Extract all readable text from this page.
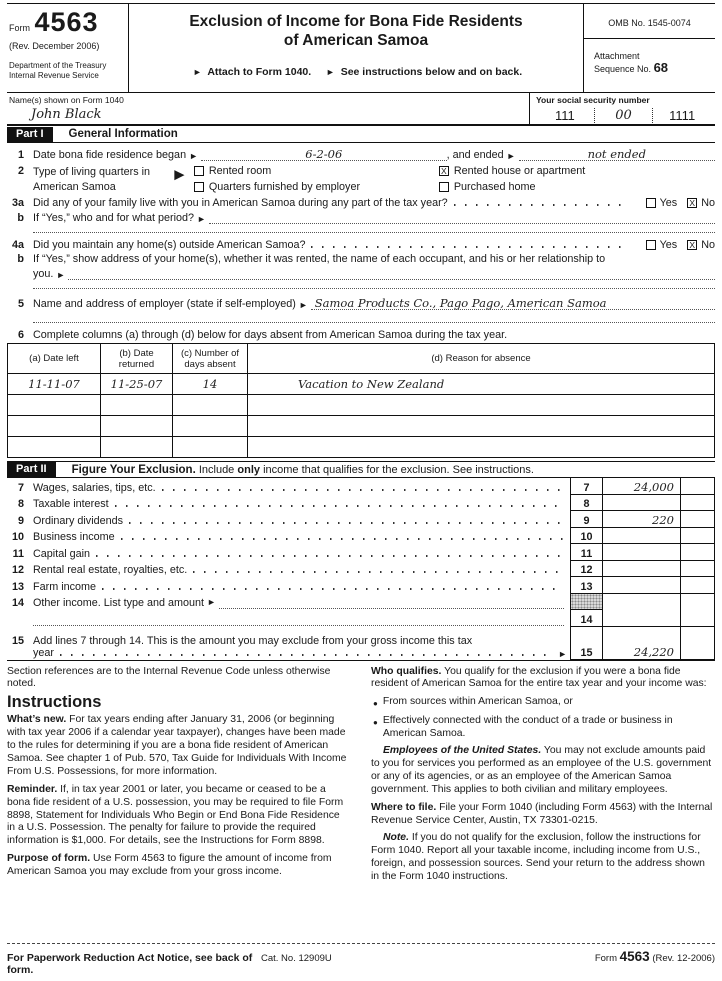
Form 4563
(Rev. December 2006)
Department of the Treasury
Internal Revenue Service
Exclusion of Income for Bona Fide Residents
of American Samoa
► Attach to Form 1040. ► See instructions below and on back.
OMB No. 1545-0074
Attachment
Sequence No. 68
Name(s) shown on Form 1040
John Black
Your social security number
111	00	1111
Part I	General Information
1 Date bona fide residence began ►	6-2-06	, and ended ►	not ended
2 Type of living quarters in
American Samoa
►	Rented room
Quarters furnished by employer
X Rented house or apartment
Purchased home
3a Did any of your family live with you in American Samoa during any part of the tax year?	Yes X No
b If “Yes,” who and for what period? ►
4a Did you maintain any home(s) outside American Samoa?	Yes X No
b If “Yes,” show address of your home(s), whether it was rented, the name of each occupant, and his or her relationship to
you. ►
5 Name and address of employer (state if self-employed) ► Samoa Products Co., Pago Pago, American Samoa
6 Complete columns (a) through (d) below for days absent from American Samoa during the tax year.
(a) Date left	(b) Date returned	(c) Number of days absent	(d) Reason for absence
11-11-07	11-25-07	14	Vacation to New Zealand

Part II	Figure Your Exclusion. Include only income that qualifies for the exclusion. See instructions.
7 Wages, salaries, tips, etc.	7	24,000
8 Taxable interest	8
9 Ordinary dividends	9	220
10 Business income	10
11 Capital gain	11
12 Rental real estate, royalties, etc.	12
13 Farm income	13
14 Other income. List type and amount ►
14
15 Add lines 7 through 14. This is the amount you may exclude from your gross income this tax
year	►	15	24,220

Section references are to the Internal Revenue Code unless otherwise noted.

Instructions

What’s new. For tax years ending after January 31, 2006 (or beginning with tax year 2006 if a calendar year taxpayer), changes have been made to the rules for determining if you are a bona fide resident of American Samoa. See chapter 1 of Pub. 570, Tax Guide for Individuals With Income From U.S. Possessions, for more information.

Reminder. If, in tax year 2001 or later, you became or ceased to be a bona fide resident of a U.S. possession, you may be required to file Form 8898, Statement for Individuals Who Begin or End Bona Fide Residence in a U.S. Possession. The penalty for failure to provide the required information is $1,000. For details, see the Instructions for Form 8898.

Purpose of form. Use Form 4563 to figure the amount of income from American Samoa you may exclude from your gross income.

Who qualifies. You qualify for the exclusion if you were a bona fide resident of American Samoa for the entire tax year and your income was:

● From sources within American Samoa, or
● Effectively connected with the conduct of a trade or business in American Samoa.

Employees of the United States. You may not exclude amounts paid to you for services you performed as an employee of the U.S. government or any of its agencies, or as an employee of the American Samoa government. This applies to both civilian and military employees.

Where to file. File your Form 1040 (including Form 4563) with the Internal Revenue Service Center, Austin, TX 73301-0215.

Note. If you do not qualify for the exclusion, follow the instructions for Form 1040. Report all your taxable income, including income from U.S., foreign, and possession sources. Send your return to the address shown in the Form 1040 instructions.

For Paperwork Reduction Act Notice, see back of form.
Cat. No. 12909U	Form 4563 (Rev. 12-2006)
